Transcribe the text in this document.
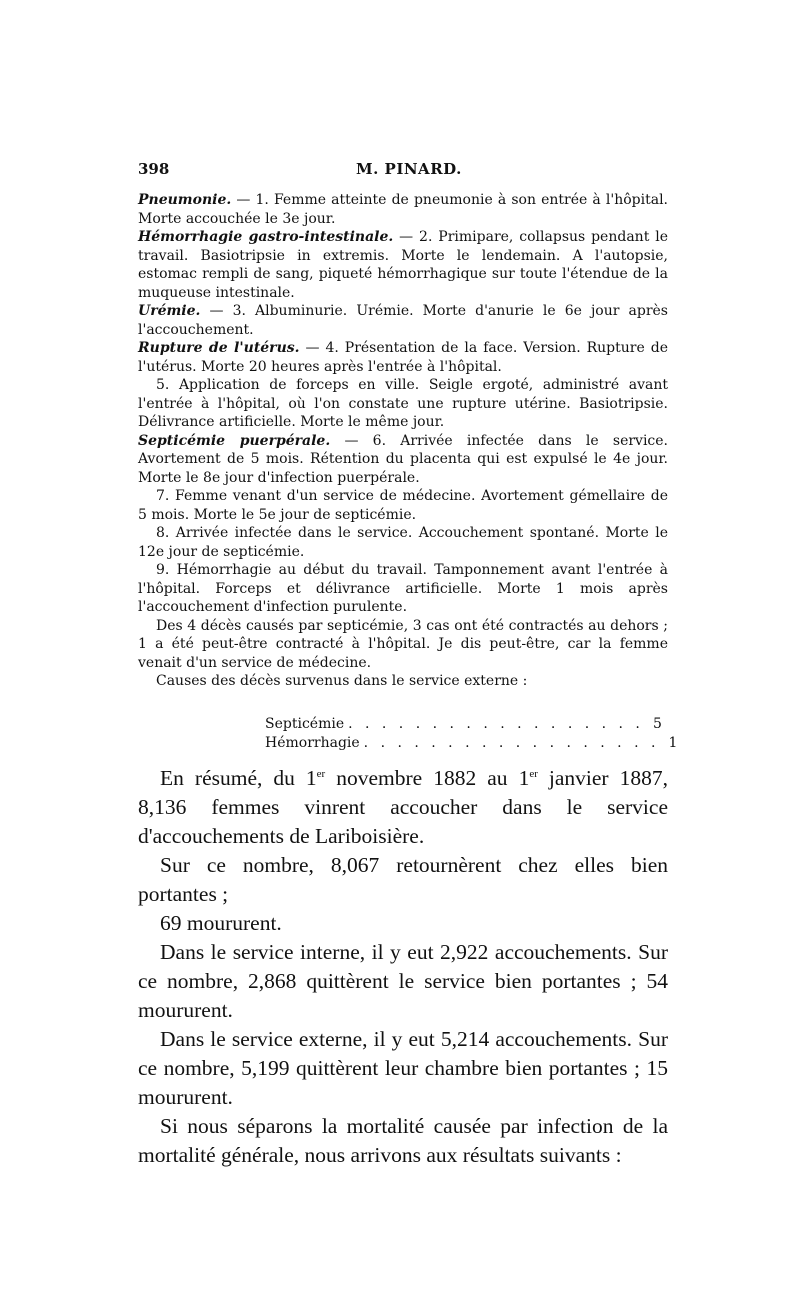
398	M. PINARD.

Pneumonie. — 1. Femme atteinte de pneumonie à son entrée à l'hôpital. Morte accouchée le 3e jour.

Hémorrhagie gastro-intestinale. — 2. Primipare, collapsus pendant le travail. Basiotripsie in extremis. Morte le lendemain. A l'autopsie, estomac rempli de sang, piqueté hémorrhagique sur toute l'étendue de la muqueuse intestinale.

Urémie. — 3. Albuminurie. Urémie. Morte d'anurie le 6e jour après l'accouchement.

Rupture de l'utérus. — 4. Présentation de la face. Version. Rupture de l'utérus. Morte 20 heures après l'entrée à l'hôpital.

5. Application de forceps en ville. Seigle ergoté, administré avant l'entrée à l'hôpital, où l'on constate une rupture utérine. Basiotripsie. Délivrance artificielle. Morte le même jour.

Septicémie puerpérale. — 6. Arrivée infectée dans le service. Avortement de 5 mois. Rétention du placenta qui est expulsé le 4e jour. Morte le 8e jour d'infection puerpérale.

7. Femme venant d'un service de médecine. Avortement gémellaire de 5 mois. Morte le 5e jour de septicémie.

8. Arrivée infectée dans le service. Accouchement spontané. Morte le 12e jour de septicémie.

9. Hémorrhagie au début du travail. Tamponnement avant l'entrée à l'hôpital. Forceps et délivrance artificielle. Morte 1 mois après l'accouchement d'infection purulente.

Des 4 décès causés par septicémie, 3 cas ont été contractés au dehors ; 1 a été peut-être contracté à l'hôpital. Je dis peut-être, car la femme venait d'un service de médecine.

Causes des décès survenus dans le service externe :

Septicémie . . . . . . . . . . . . . . . . . . 5
Hémorrhagie . . . . . . . . . . . . . . . . . . 1

En résumé, du 1er novembre 1882 au 1er janvier 1887, 8,136 femmes vinrent accoucher dans le service d'accouchements de Lariboisière.

Sur ce nombre, 8,067 retournèrent chez elles bien portantes ;

69 moururent.

Dans le service interne, il y eut 2,922 accouchements. Sur ce nombre, 2,868 quittèrent le service bien portantes ; 54 moururent.

Dans le service externe, il y eut 5,214 accouchements. Sur ce nombre, 5,199 quittèrent leur chambre bien portantes ; 15 moururent.

Si nous séparons la mortalité causée par infection de la mortalité générale, nous arrivons aux résultats suivants :
